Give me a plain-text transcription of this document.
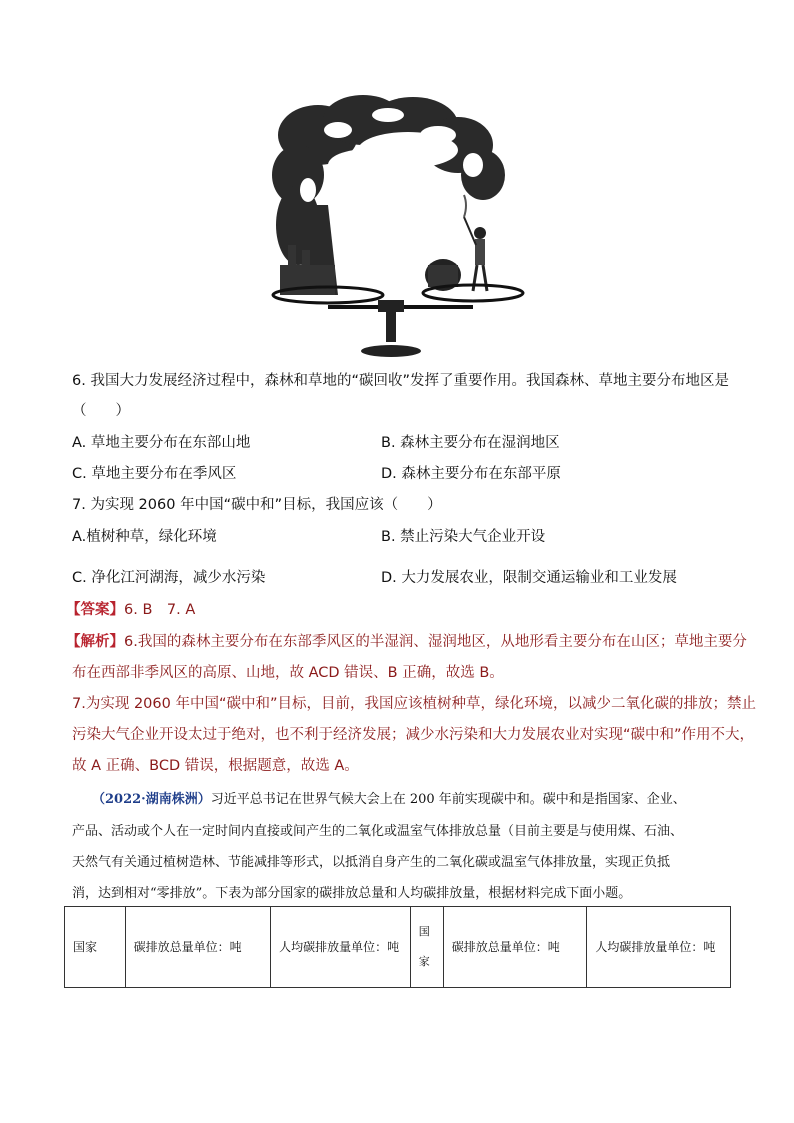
6. 我国大力发展经济过程中，森林和草地的“碳回收”发挥了重要作用。我国森林、草地主要分布地区是
（　　）
A. 草地主要分布在东部山地	B. 森林主要分布在湿润地区
C. 草地主要分布在季风区	D. 森林主要分布在东部平原
7. 为实现 2060 年中国“碳中和”目标，我国应该（　　）
A.植树种草，绿化环境	B. 禁止污染大气企业开设
C. 净化江河湖海，减少水污染	D. 大力发展农业，限制交通运输业和工业发展
【答案】6. B　7. A
【解析】6.我国的森林主要分布在东部季风区的半湿润、湿润地区，从地形看主要分布在山区；草地主要分
布在西部非季风区的高原、山地，故 ACD 错误、B 正确，故选 B。
7.为实现 2060 年中国“碳中和”目标，目前，我国应该植树种草，绿化环境，以减少二氧化碳的排放；禁止
污染大气企业开设太过于绝对，也不利于经济发展；减少水污染和大力发展农业对实现“碳中和”作用不大，
故 A 正确、BCD 错误，根据题意，故选 A。
（2022·湖南株洲）习近平总书记在世界气候大会上在 200 年前实现碳中和。碳中和是指国家、企业、
产品、活动或个人在一定时间内直接或间产生的二氧化或温室气体排放总量（目前主要是与使用煤、石油、
天然气有关通过植树造林、节能减排等形式，以抵消自身产生的二氧化碳或温室气体排放量，实现正负抵
消，达到相对“零排放”。下表为部分国家的碳排放总量和人均碳排放量，根据材料完成下面小题。
国家	碳排放总量单位：吨	人均碳排放量单位：吨	国家	碳排放总量单位：吨	人均碳排放量单位：吨
